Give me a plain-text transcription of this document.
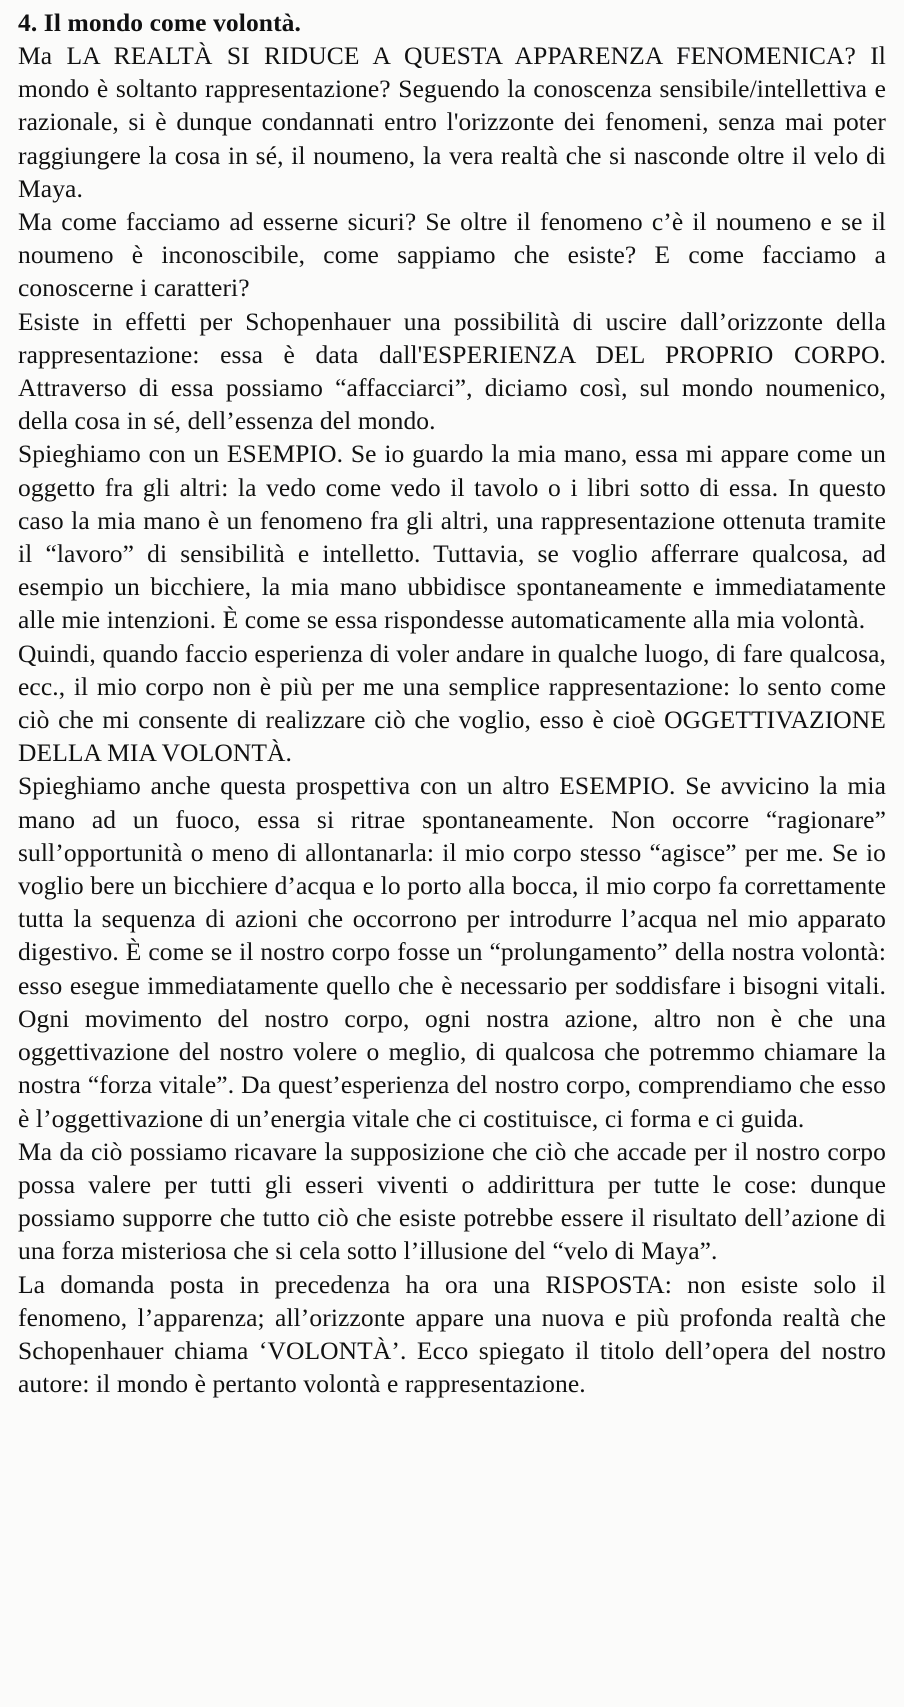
4. Il mondo come volontà.

Ma LA REALTÀ SI RIDUCE A QUESTA APPARENZA FENOMENICA? Il mondo è soltanto rappresentazione? Seguendo la conoscenza sensibile/intellettiva e razionale, si è dunque condannati entro l'orizzonte dei fenomeni, senza mai poter raggiungere la cosa in sé, il noumeno, la vera realtà che si nasconde oltre il velo di Maya.

Ma come facciamo ad esserne sicuri? Se oltre il fenomeno c’è il noumeno e se il noumeno è inconoscibile, come sappiamo che esiste? E come facciamo a conoscerne i caratteri?

Esiste in effetti per Schopenhauer una possibilità di uscire dall’orizzonte della rappresentazione: essa è data dall'ESPERIENZA DEL PROPRIO CORPO. Attraverso di essa possiamo “affacciarci”, diciamo così, sul mondo noumenico, della cosa in sé, dell’essenza del mondo.

Spieghiamo con un ESEMPIO. Se io guardo la mia mano, essa mi appare come un oggetto fra gli altri: la vedo come vedo il tavolo o i libri sotto di essa. In questo caso la mia mano è un fenomeno fra gli altri, una rappresentazione ottenuta tramite il “lavoro” di sensibilità e intelletto. Tuttavia, se voglio afferrare qualcosa, ad esempio un bicchiere, la mia mano ubbidisce spontaneamente e immediatamente alle mie intenzioni. È come se essa rispondesse automaticamente alla mia volontà.

Quindi, quando faccio esperienza di voler andare in qualche luogo, di fare qualcosa, ecc., il mio corpo non è più per me una semplice rappresentazione: lo sento come ciò che mi consente di realizzare ciò che voglio, esso è cioè OGGETTIVAZIONE DELLA MIA VOLONTÀ.

Spieghiamo anche questa prospettiva con un altro ESEMPIO. Se avvicino la mia mano ad un fuoco, essa si ritrae spontaneamente. Non occorre “ragionare” sull’opportunità o meno di allontanarla: il mio corpo stesso “agisce” per me. Se io voglio bere un bicchiere d’acqua e lo porto alla bocca, il mio corpo fa correttamente tutta la sequenza di azioni che occorrono per introdurre l’acqua nel mio apparato digestivo. È come se il nostro corpo fosse un “prolungamento” della nostra volontà: esso esegue immediatamente quello che è necessario per soddisfare i bisogni vitali. Ogni movimento del nostro corpo, ogni nostra azione, altro non è che una oggettivazione del nostro volere o meglio, di qualcosa che potremmo chiamare la nostra “forza vitale”. Da quest’esperienza del nostro corpo, comprendiamo che esso è l’oggettivazione di un’energia vitale che ci costituisce, ci forma e ci guida.

Ma da ciò possiamo ricavare la supposizione che ciò che accade per il nostro corpo possa valere per tutti gli esseri viventi o addirittura per tutte le cose: dunque possiamo supporre che tutto ciò che esiste potrebbe essere il risultato dell’azione di una forza misteriosa che si cela sotto l’illusione del “velo di Maya”.

La domanda posta in precedenza ha ora una RISPOSTA: non esiste solo il fenomeno, l’apparenza; all’orizzonte appare una nuova e più profonda realtà che Schopenhauer chiama ‘VOLONTÀ’. Ecco spiegato il titolo dell’opera del nostro autore: il mondo è pertanto volontà e rappresentazione.
